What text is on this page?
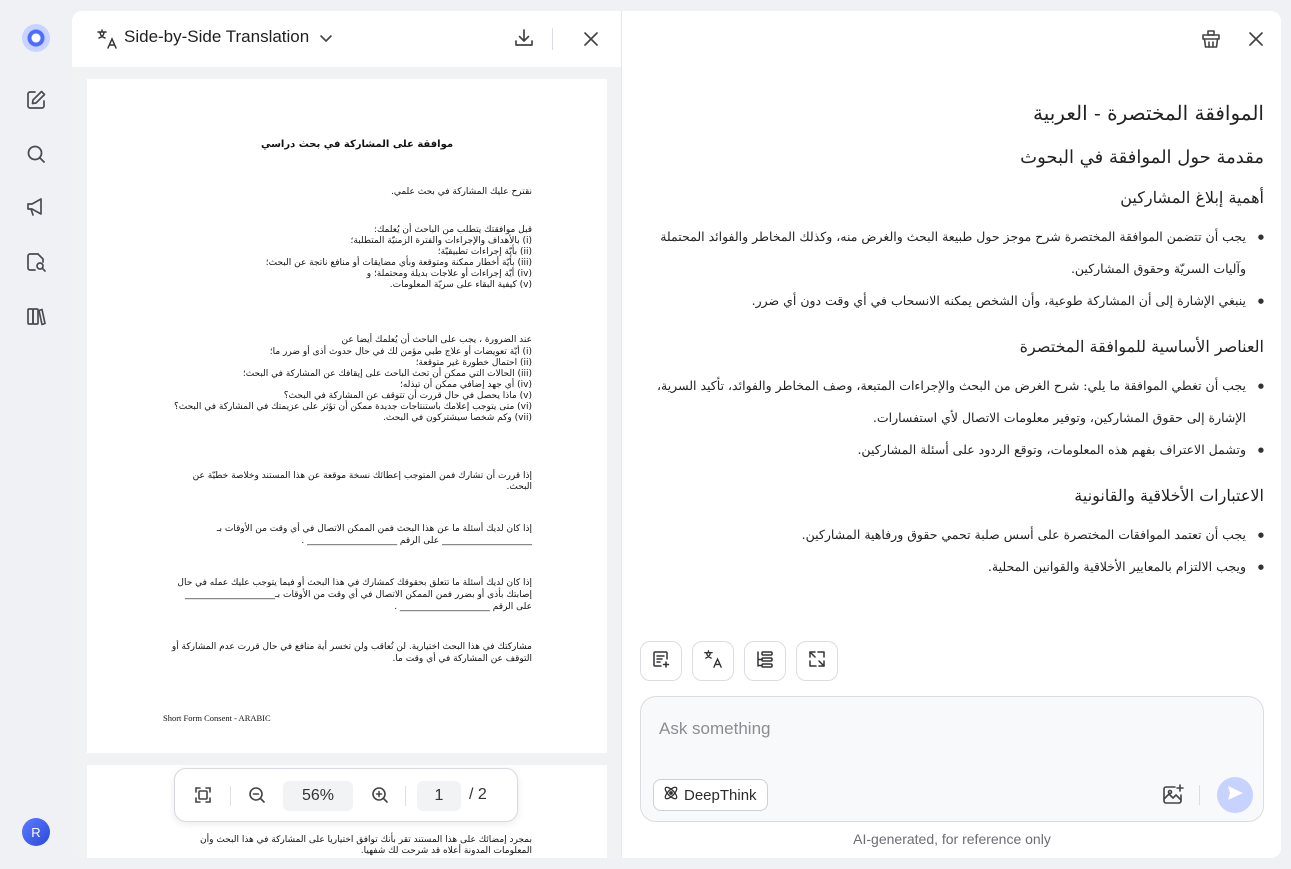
R
Side-by-Side Translation
موافقة على المشاركة في بحث دراسي
نقترح عليك المشاركة في بحث علمي.
قبل موافقتك يتطلب من الباحث أن يُعلمك:
(i) بالأهداف والإجراءات والفترة الزمنيّة المتطلبة؛
(ii) بأيّة إجراءات تطبيقيّة؛
(iii) بأيّة أخطار ممكنة ومتوقعة وبأي مضايقات أو منافع ناتجة عن البحث؛
(iv) أيّة إجراءات أو علاجات بديلة ومحتملة؛ و
(v) كيفية البقاء على سريّة المعلومات.
عند الضرورة ، يجب على الباحث أن يُعلمك أيضا عن
(i) أيّة تعويضات أو علاج طبي مؤمن لك في حال حدوث أذى أو ضرر ما؛
(ii) احتمال خطورة غير متوقعة؛
(iii) الحالات التي ممكن أن تحث الباحث على إيقافك عن المشاركة في البحث؛
(iv) أي جهد إضافي ممكن أن تبذله؛
(v) ماذا يحصل في حال قررت أن تتوقف عن المشاركة في البحث؟
(vi) متى يتوجب إعلامك باستنتاجات جديدة ممكن أن تؤثر على عزيمتك في المشاركة في البحث؟
(vii) وكم شخصا سيشتركون في البحث.
إذا قررت أن تشارك فمن المتوجب إعطائك نسخة موقعة عن هذا المستند وخلاصة خطيّة عن البحث.
إذا كان لديك أسئلة ما عن هذا البحث فمن الممكن الاتصال في أي وقت من الأوقات بـ ____________________ على الرقم ____________________ .
إذا كان لديك أسئلة ما تتعلق بحقوقك كمشارك في هذا البحث أو فيما يتوجب عليك عمله في حال إصابتك بأذى أو بضرر فمن الممكن الاتصال في أي وقت من الأوقات بـ____________________ على الرقم ____________________ .
مشاركتك في هذا البحث اختيارية. لن تُعاقب ولن تخسر أية منافع في حال قررت عدم المشاركة أو التوقف عن المشاركة في أي وقت ما.
Short Form Consent - ARABIC
بمجرد إمضائك على هذا المستند تقر بأنك توافق اختياريا على المشاركة في هذا البحث وأن
المعلومات المدونة أعلاه قد شرحت لك شفهيا.
56%	1	/ 2
الموافقة المختصرة - العربية
مقدمة حول الموافقة في البحوث
أهمية إبلاغ المشاركين
● يجب أن تتضمن الموافقة المختصرة شرح موجز حول طبيعة البحث والغرض منه، وكذلك المخاطر والفوائد المحتملة وآليات السريّة وحقوق المشاركين.
● ينبغي الإشارة إلى أن المشاركة طوعية، وأن الشخص يمكنه الانسحاب في أي وقت دون أي ضرر.
العناصر الأساسية للموافقة المختصرة
● يجب أن تغطي الموافقة ما يلي: شرح الغرض من البحث والإجراءات المتبعة، وصف المخاطر والفوائد، تأكيد السرية، الإشارة إلى حقوق المشاركين، وتوفير معلومات الاتصال لأي استفسارات.
● وتشمل الاعتراف بفهم هذه المعلومات، وتوقع الردود على أسئلة المشاركين.
الاعتبارات الأخلاقية والقانونية
● يجب أن تعتمد الموافقات المختصرة على أسس صلبة تحمي حقوق ورفاهية المشاركين.
● ويجب الالتزام بالمعايير الأخلاقية والقوانين المحلية.
Ask something
DeepThink
AI-generated, for reference only
